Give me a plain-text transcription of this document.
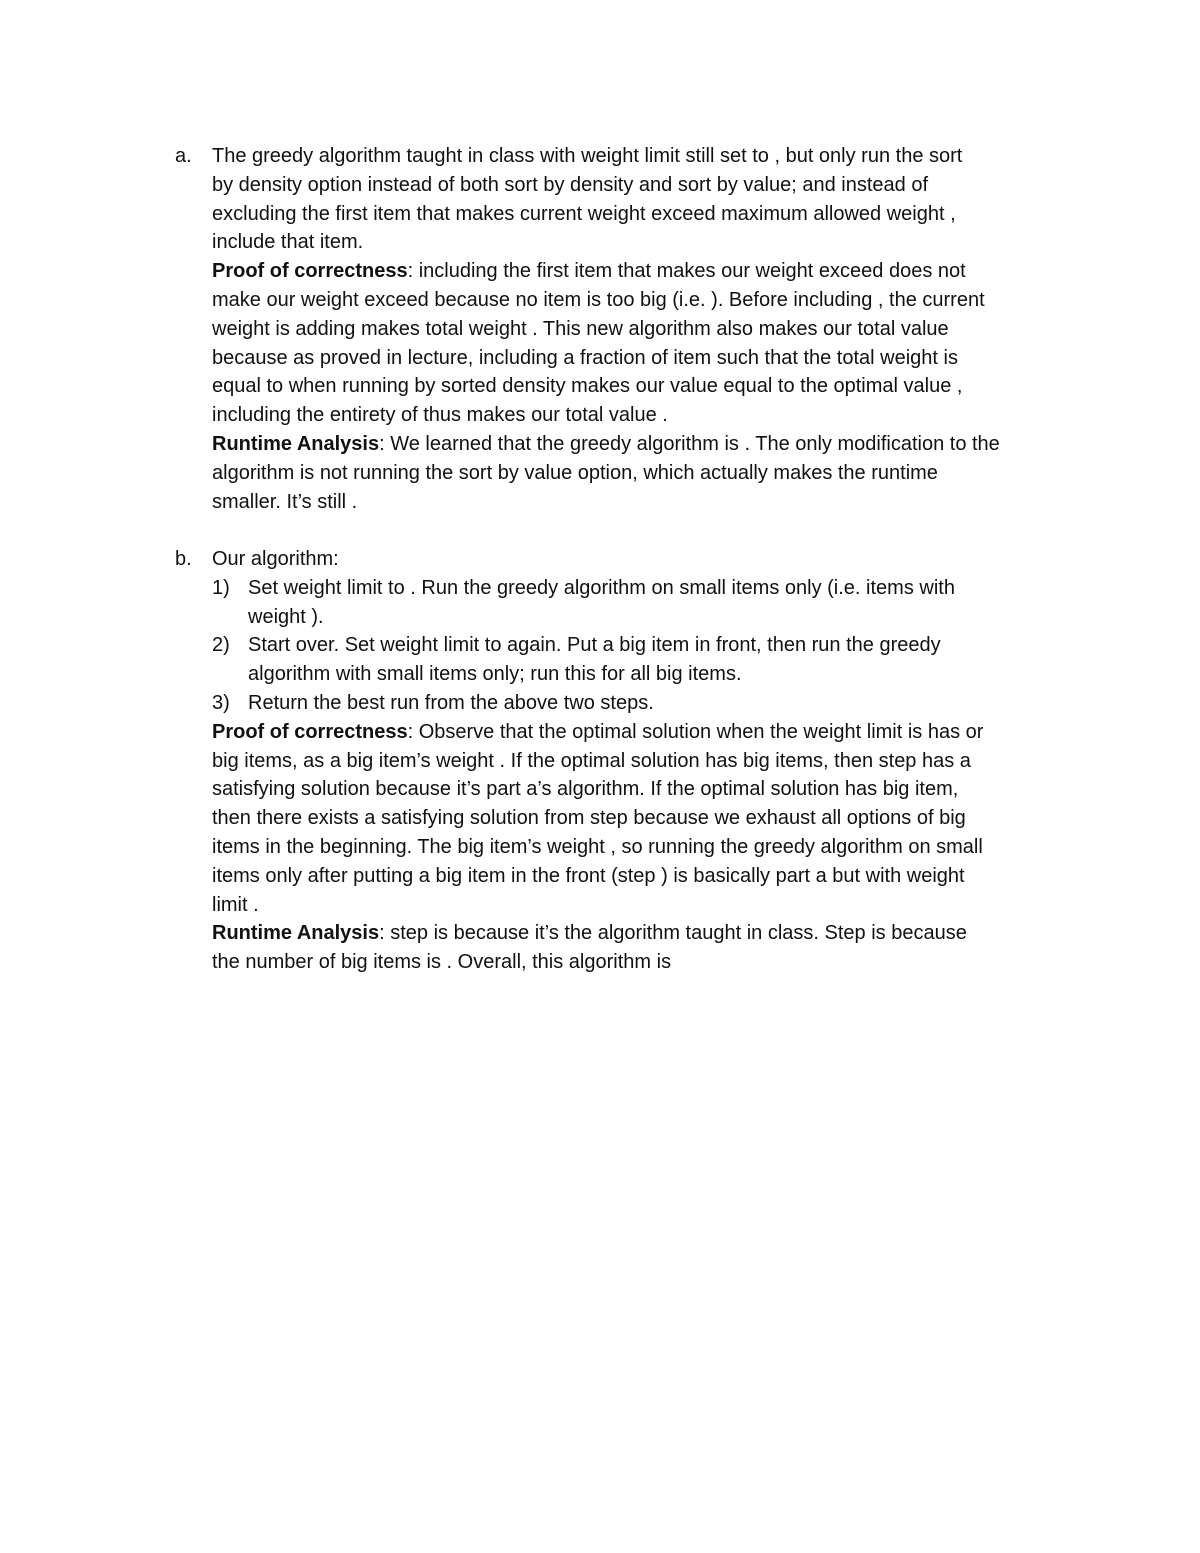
a. The greedy algorithm taught in class with weight limit still set to , but only run the sort
by density option instead of both sort by density and sort by value; and instead of
excluding the first item that makes current weight exceed maximum allowed weight ,
include that item.
Proof of correctness: including the first item that makes our weight exceed does not
make our weight exceed because no item is too big (i.e. ). Before including , the current
weight is adding makes total weight . This new algorithm also makes our total value
because as proved in lecture, including a fraction of item such that the total weight is
equal to when running by sorted density makes our value equal to the optimal value ,
including the entirety of thus makes our total value .
Runtime Analysis: We learned that the greedy algorithm is . The only modification to the
algorithm is not running the sort by value option, which actually makes the runtime
smaller. It’s still .
b. Our algorithm:
1) Set weight limit to . Run the greedy algorithm on small items only (i.e. items with
weight ).
2) Start over. Set weight limit to again. Put a big item in front, then run the greedy
algorithm with small items only; run this for all big items.
3) Return the best run from the above two steps.
Proof of correctness: Observe that the optimal solution when the weight limit is has or
big items, as a big item’s weight . If the optimal solution has big items, then step has a
satisfying solution because it’s part a’s algorithm. If the optimal solution has big item,
then there exists a satisfying solution from step because we exhaust all options of big
items in the beginning. The big item’s weight , so running the greedy algorithm on small
items only after putting a big item in the front (step ) is basically part a but with weight
limit .
Runtime Analysis: step is because it’s the algorithm taught in class. Step is because
the number of big items is . Overall, this algorithm is
